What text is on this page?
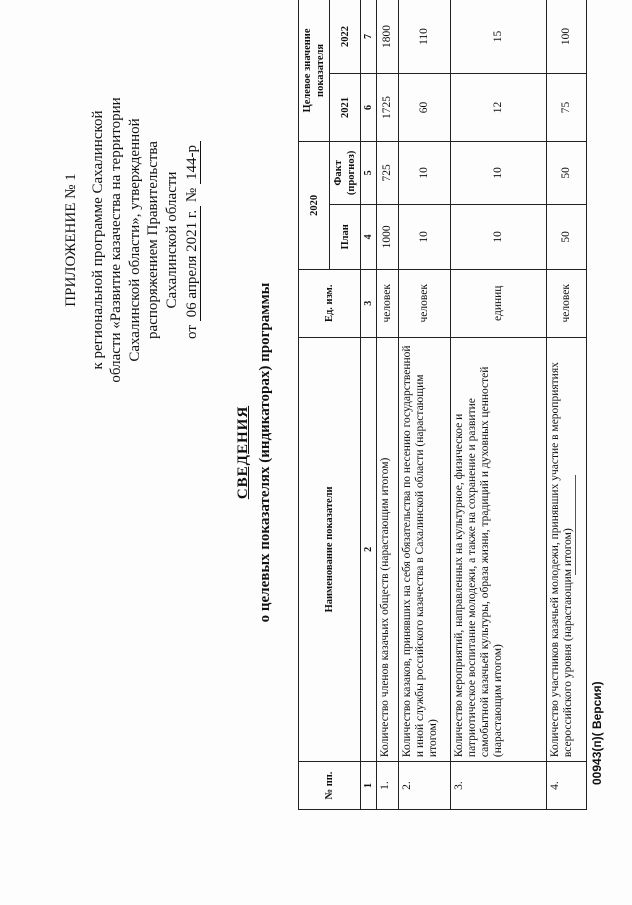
ПРИЛОЖЕНИЕ № 1 к региональной программе Сахалинской области «Развитие казачества на территории Сахалинской области», утвержденной распоряжением Правительства Сахалинской области
от 06 апреля 2021 г. № 144-р
СВЕДЕНИЯ о целевых показателях (индикаторах) программы
№ пп.	Наименование показатели	Ед. изм.	2020		Целевое значение показателя	
			План	Факт (прогноз)	2021	2022
1	2	3	4	5	6	7
1.	Количество членов казачьих обществ (нарастающим итогом)	человек	1000	725	1725	1800
2.	Количество казаков, принявших на себя обязательства по несению государственной и иной службы российского казачества в Сахалинской области (нарастающим итогом)	человек	10	10	60	110
3.	Количество мероприятий, направленных на культурное, физическое и патриотическое воспитание молодежи, а также на сохранение и развитие самобытной казачьей культуры, образа жизни, традиций и духовных ценностей (нарастающим итогом)	единиц	10	10	12	15
4.	Количество участников казачьей молодежи, принявших участие в мероприятиях всероссийского уровня (нарастающим итогом)	человек	50	50	75	100
00943(п)( Версия)
